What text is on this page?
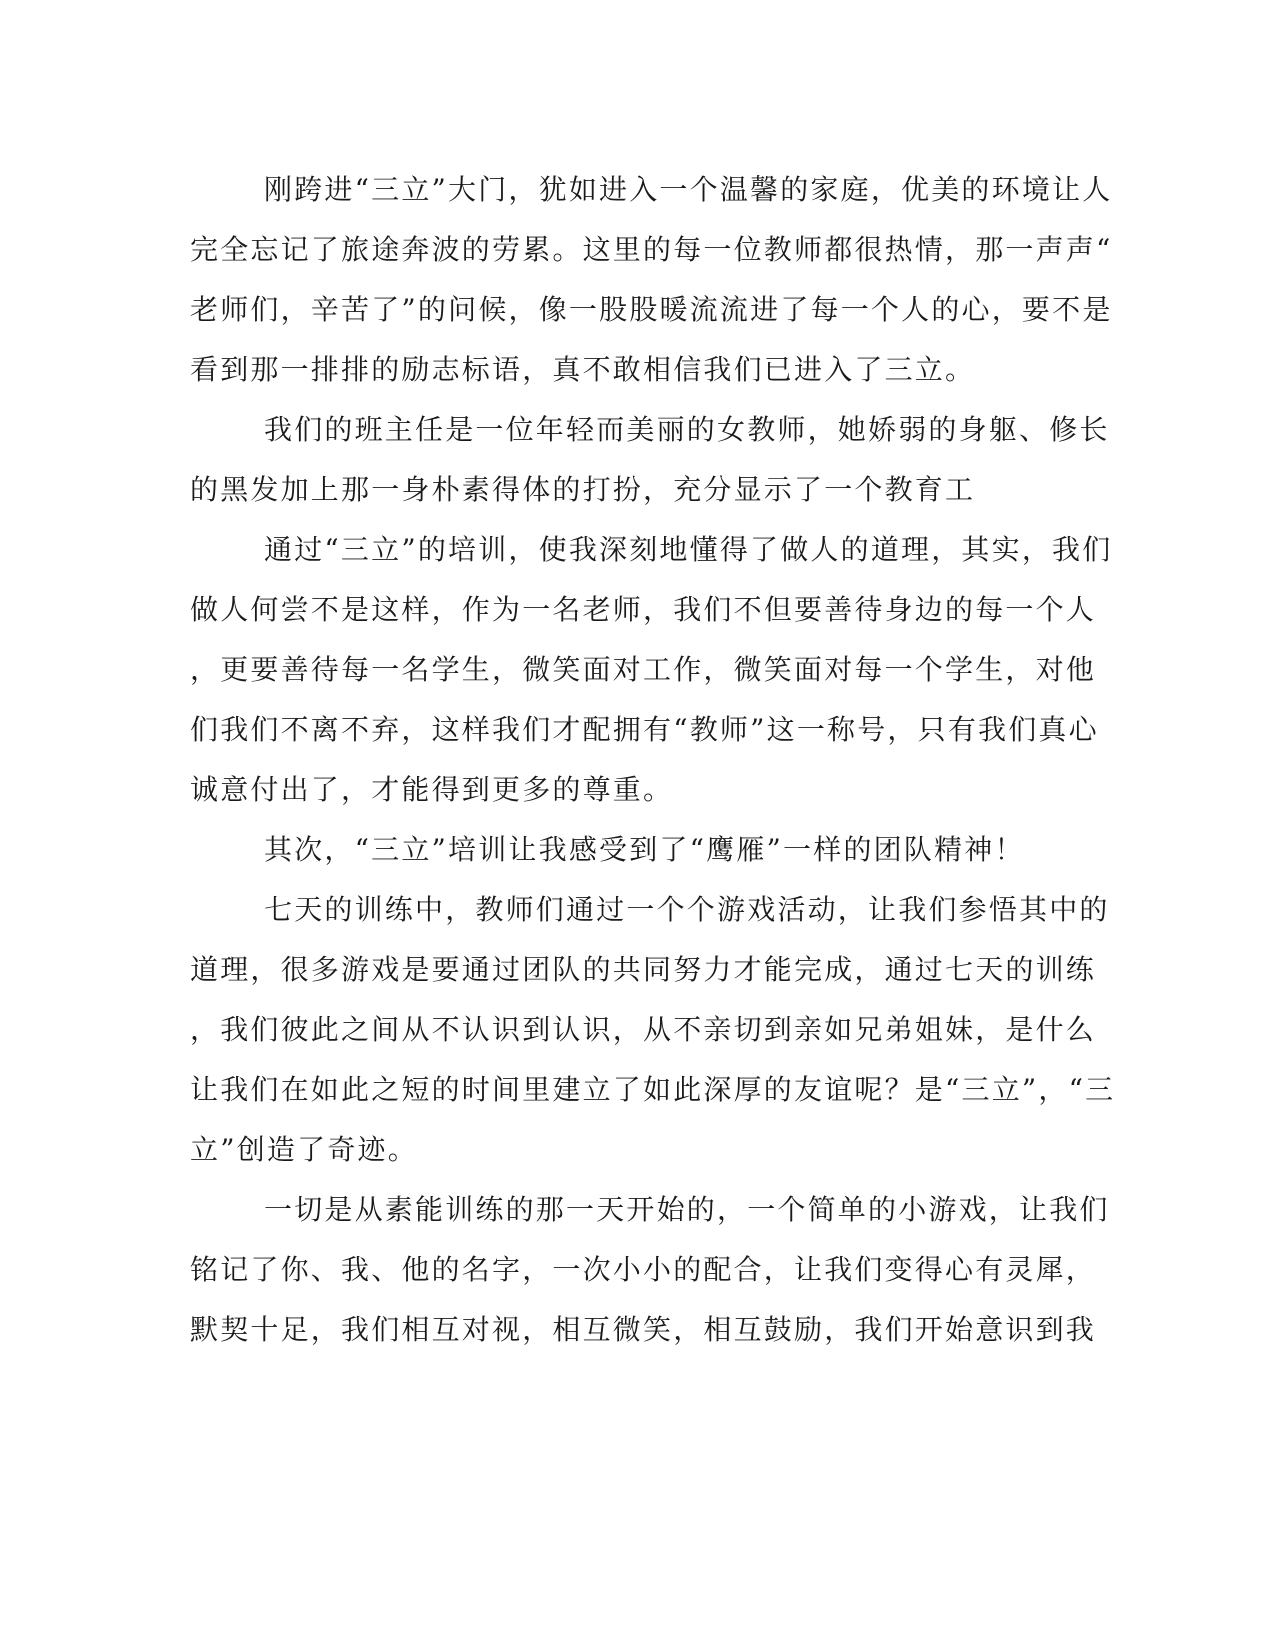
刚跨进“三立”大门，犹如进入一个温馨的家庭，优美的环境让人
完全忘记了旅途奔波的劳累。这里的每一位教师都很热情，那一声声“
老师们，辛苦了”的问候，像一股股暖流流进了每一个人的心，要不是
看到那一排排的励志标语，真不敢相信我们已进入了三立。
我们的班主任是一位年轻而美丽的女教师，她娇弱的身躯、修长
的黑发加上那一身朴素得体的打扮，充分显示了一个教育工
通过“三立”的培训，使我深刻地懂得了做人的道理，其实，我们
做人何尝不是这样，作为一名老师，我们不但要善待身边的每一个人
，更要善待每一名学生，微笑面对工作，微笑面对每一个学生，对他
们我们不离不弃，这样我们才配拥有“教师”这一称号，只有我们真心
诚意付出了，才能得到更多的尊重。
其次，“三立”培训让我感受到了“鹰雁”一样的团队精神！
七天的训练中，教师们通过一个个游戏活动，让我们参悟其中的
道理，很多游戏是要通过团队的共同努力才能完成，通过七天的训练
，我们彼此之间从不认识到认识，从不亲切到亲如兄弟姐妹，是什么
让我们在如此之短的时间里建立了如此深厚的友谊呢？是“三立”，“三
立”创造了奇迹。
一切是从素能训练的那一天开始的，一个简单的小游戏，让我们
铭记了你、我、他的名字，一次小小的配合，让我们变得心有灵犀，
默契十足，我们相互对视，相互微笑，相互鼓励，我们开始意识到我
